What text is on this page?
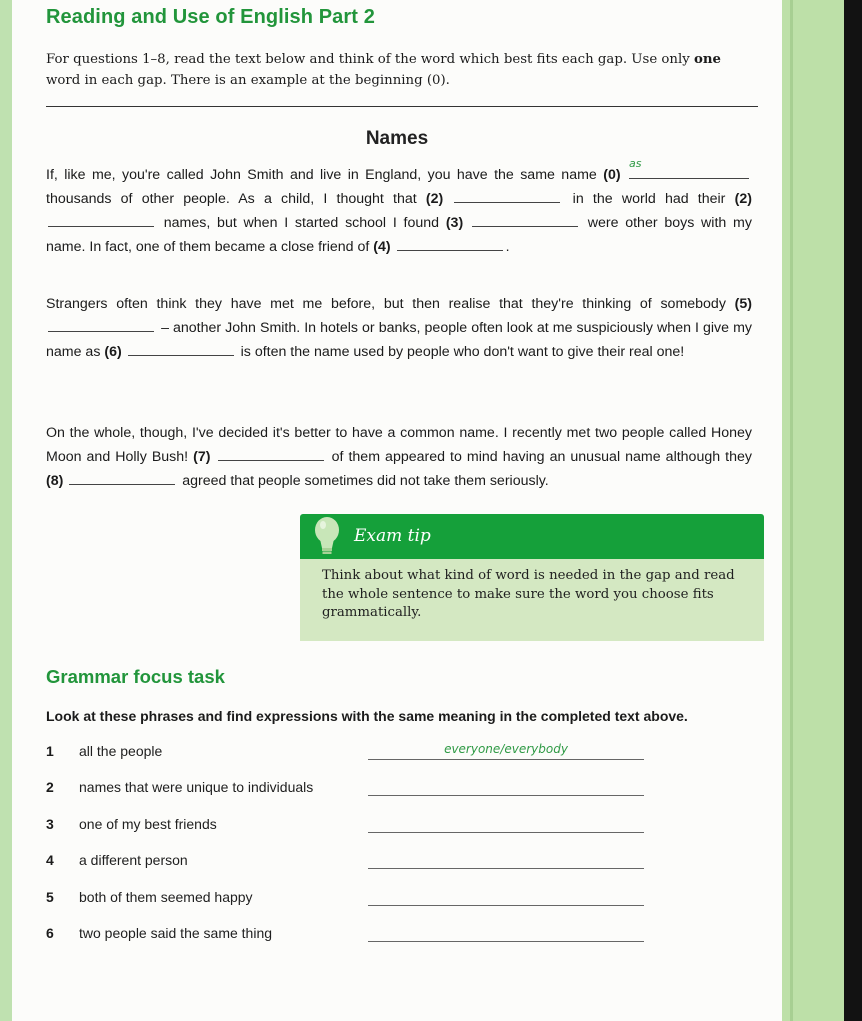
Reading and Use of English Part 2
For questions 1–8, read the text below and think of the word which best fits each gap. Use only one word in each gap. There is an example at the beginning (0).
Names
If, like me, you're called John Smith and live in England, you have the same name (0)
as
thousands of other people. As a child, I thought that (2)	in the world had their (2)  names, but when I started school I found (3)	were other boys with my name. In fact, one of them became a close friend of (4)	.
Strangers often think they have met me before, but then realise that they're thinking of somebody (5)  – another John Smith. In hotels or banks, people often look at me suspiciously when I give my name as (6)	is often the name used by people who don't want to give their real one!
On the whole, though, I've decided it's better to have a common name. I recently met two people called Honey Moon and Holly Bush! (7)	of them appeared to mind having an unusual name although they (8)	agreed that people sometimes did not take them seriously.
Exam tip
Think about what kind of word is needed in the gap and read the whole sentence to make sure the word you choose fits grammatically.
Grammar focus task
Look at these phrases and find expressions with the same meaning in the completed text above.
1	all the people	everyone/everybody
2	names that were unique to individuals
3	one of my best friends
4	a different person
5	both of them seemed happy
6	two people said the same thing
